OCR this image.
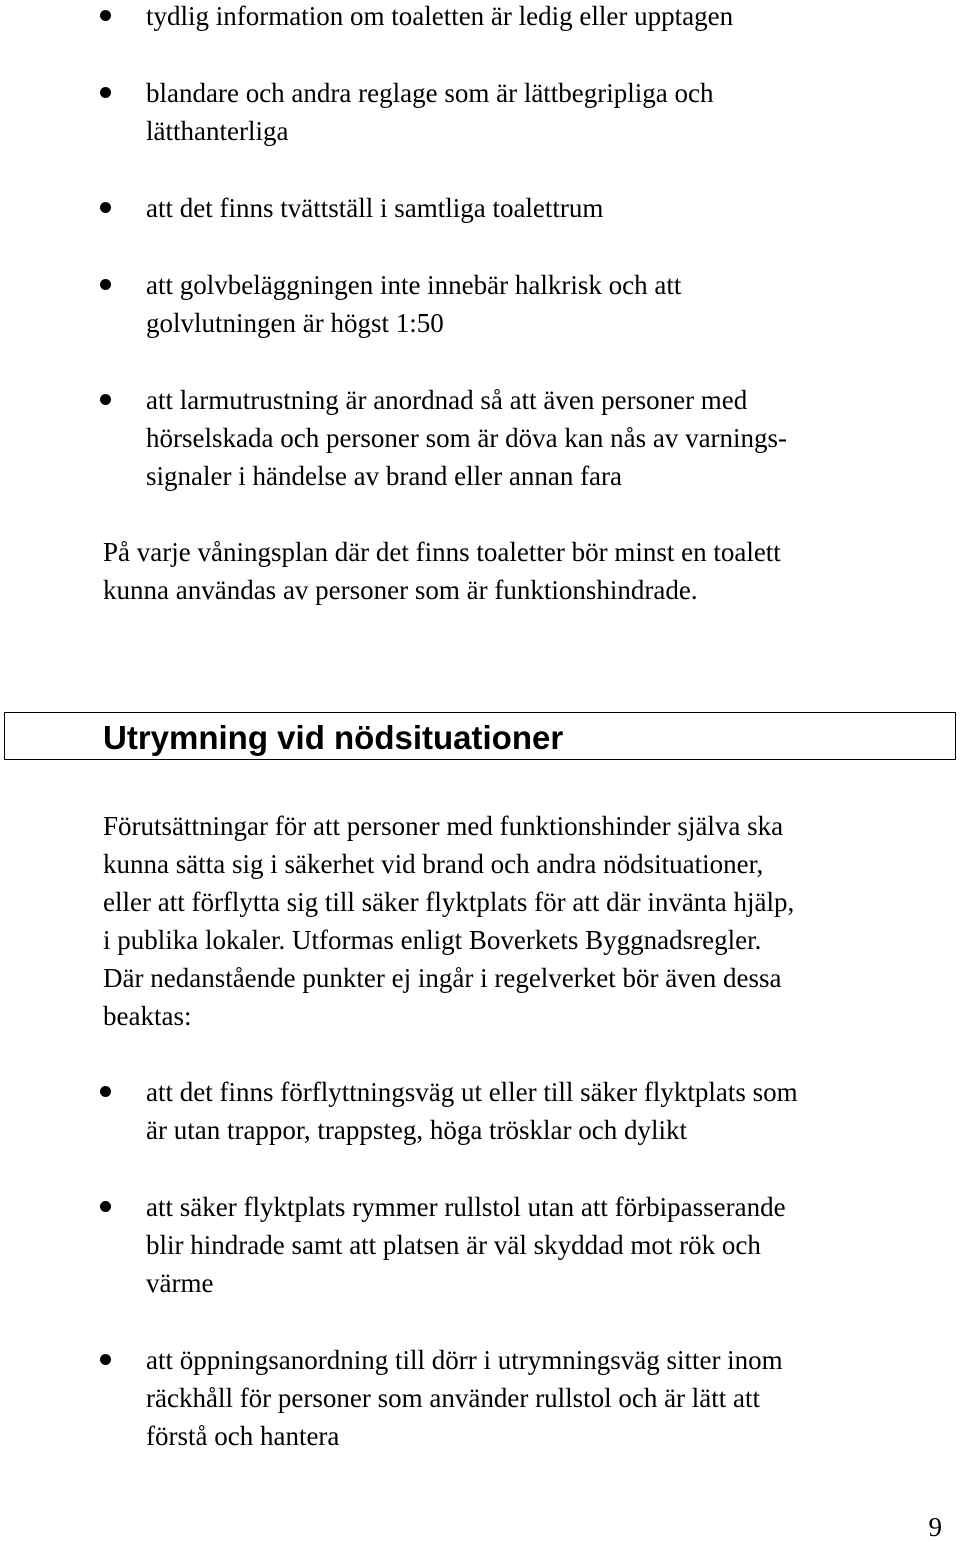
tydlig information om toaletten är ledig eller upptagen
blandare och andra reglage som är lättbegripliga och
lätthanterliga
att det finns tvättställ i samtliga toalettrum
att golvbeläggningen inte innebär halkrisk och att
golvlutningen är högst 1:50
att larmutrustning är anordnad så att även personer med
hörselskada och personer som är döva kan nås av varnings-
signaler i händelse av brand eller annan fara

På varje våningsplan där det finns toaletter bör minst en toalett
kunna användas av personer som är funktionshindrade.

Utrymning vid nödsituationer

Förutsättningar för att personer med funktionshinder själva ska
kunna sätta sig i säkerhet vid brand och andra nödsituationer,
eller att förflytta sig till säker flyktplats för att där invänta hjälp,
i publika lokaler. Utformas enligt Boverkets Byggnadsregler.
Där nedanstående punkter ej ingår i regelverket bör även dessa
beaktas:

att det finns förflyttningsväg ut eller till säker flyktplats som
är utan trappor, trappsteg, höga trösklar och dylikt
att säker flyktplats rymmer rullstol utan att förbipasserande
blir hindrade samt att platsen är väl skyddad mot rök och
värme
att öppningsanordning till dörr i utrymningsväg sitter inom
räckhåll för personer som använder rullstol och är lätt att
förstå och hantera
9
